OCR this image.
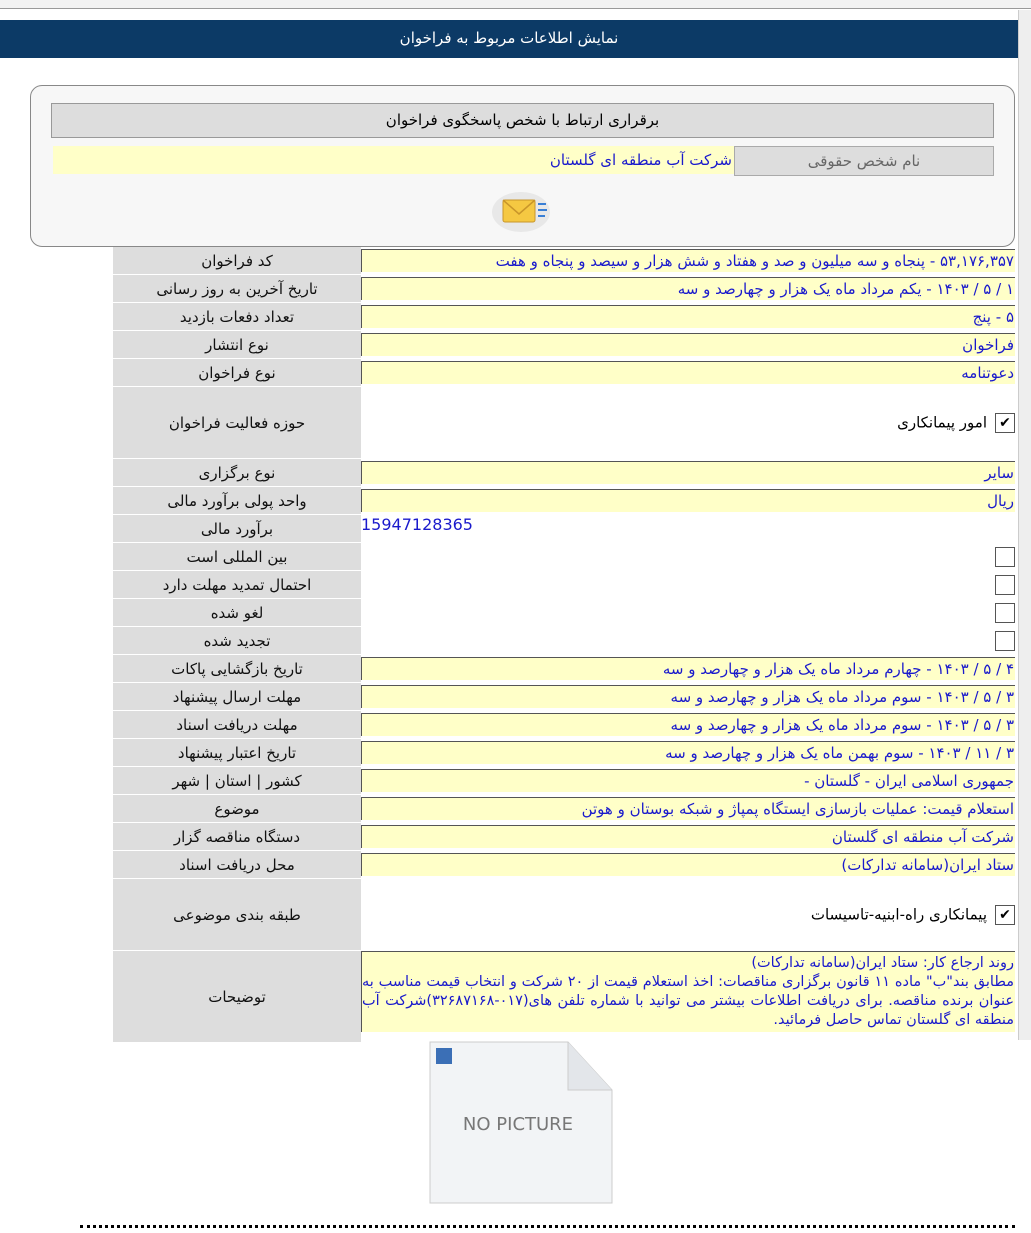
نمایش اطلاعات مربوط به فراخوان
برقراری ارتباط با شخص پاسخگوی فراخوان
نام شخص حقوقی
شرکت آب منطقه ای گلستان
۵۳,۱۷۶,۳۵۷ - پنجاه و سه میلیون و صد و هفتاد و شش هزار و سیصد و پنجاه و هفت	کد فراخوان

۱ / ۵ / ۱۴۰۳ - یکم مرداد ماه یک هزار و چهارصد و سه	تاریخ آخرین به روز رسانی

۵ - پنج	تعداد دفعات بازدید

فراخوان	نوع انتشار

دعوتنامه	نوع فراخوان
✔امور پیمانکاری	حوزه فعالیت فراخوان

سایر	نوع برگزاری

ریال	واحد پولی برآورد مالی
15947128365	برآورد مالی
	بین المللی است
	احتمال تمدید مهلت دارد
	لغو شده
	تجدید شده

۴ / ۵ / ۱۴۰۳ - چهارم مرداد ماه یک هزار و چهارصد و سه	تاریخ بازگشایی پاکات

۳ / ۵ / ۱۴۰۳ - سوم مرداد ماه یک هزار و چهارصد و سه	مهلت ارسال پیشنهاد

۳ / ۵ / ۱۴۰۳ - سوم مرداد ماه یک هزار و چهارصد و سه	مهلت دریافت اسناد

۳ / ۱۱ / ۱۴۰۳ - سوم بهمن ماه یک هزار و چهارصد و سه	تاریخ اعتبار پیشنهاد

جمهوری اسلامی ایران - گلستان -	کشور | استان | شهر

استعلام قیمت: عملیات بازسازی ایستگاه پمپاژ و شبکه بوستان و هوتن	موضوع

شرکت آب منطقه ای گلستان	دستگاه مناقصه گزار

ستاد ایران(سامانه تدارکات)	محل دریافت اسناد
✔پیمانکاری راه-ابنیه-تاسیسات	طبقه بندی موضوعی

روند ارجاع کار: ستاد ایران(سامانه تدارکات)
مطابق بند"ب" ماده ۱۱ قانون برگزاری مناقصات: اخذ استعلام قیمت از ۲۰ شرکت و انتخاب قیمت مناسب به عنوان برنده مناقصه. برای دریافت اطلاعات بیشتر می توانید با شماره تلفن های(۰۱۷-۳۲۶۸۷۱۶۸)شرکت آب منطقه ای گلستان تماس حاصل فرمائید.	توضیحات
NO PICTURE
